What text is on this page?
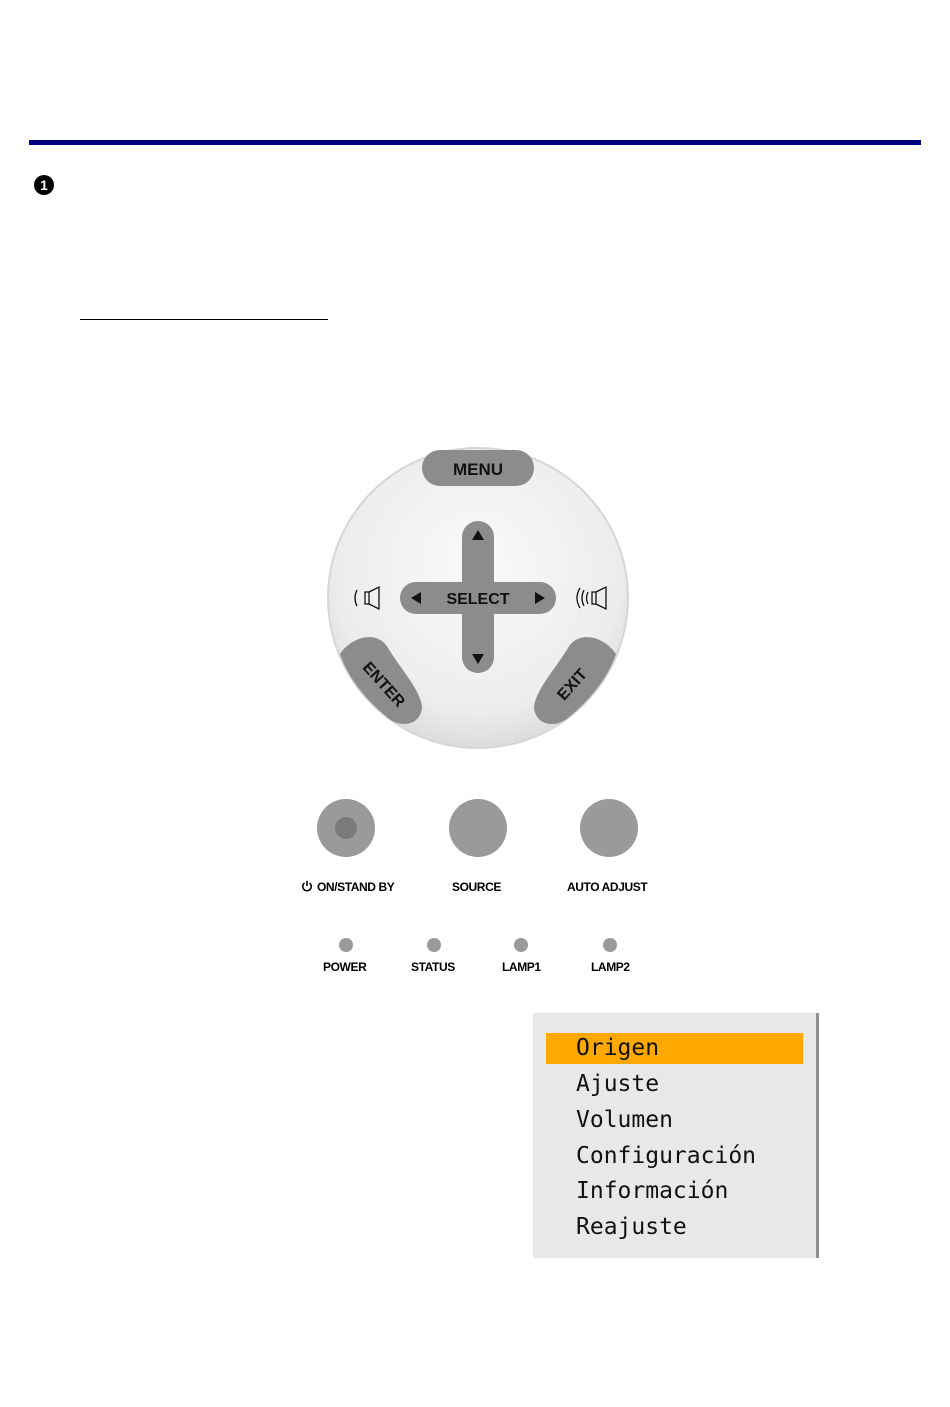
1
MENU
SELECT
ENTER	EXIT
ON/STAND BY	SOURCE	AUTO ADJUST
POWER	STATUS	LAMP1	LAMP2
Origen
Ajuste
Volumen
Configuración
Información
Reajuste
